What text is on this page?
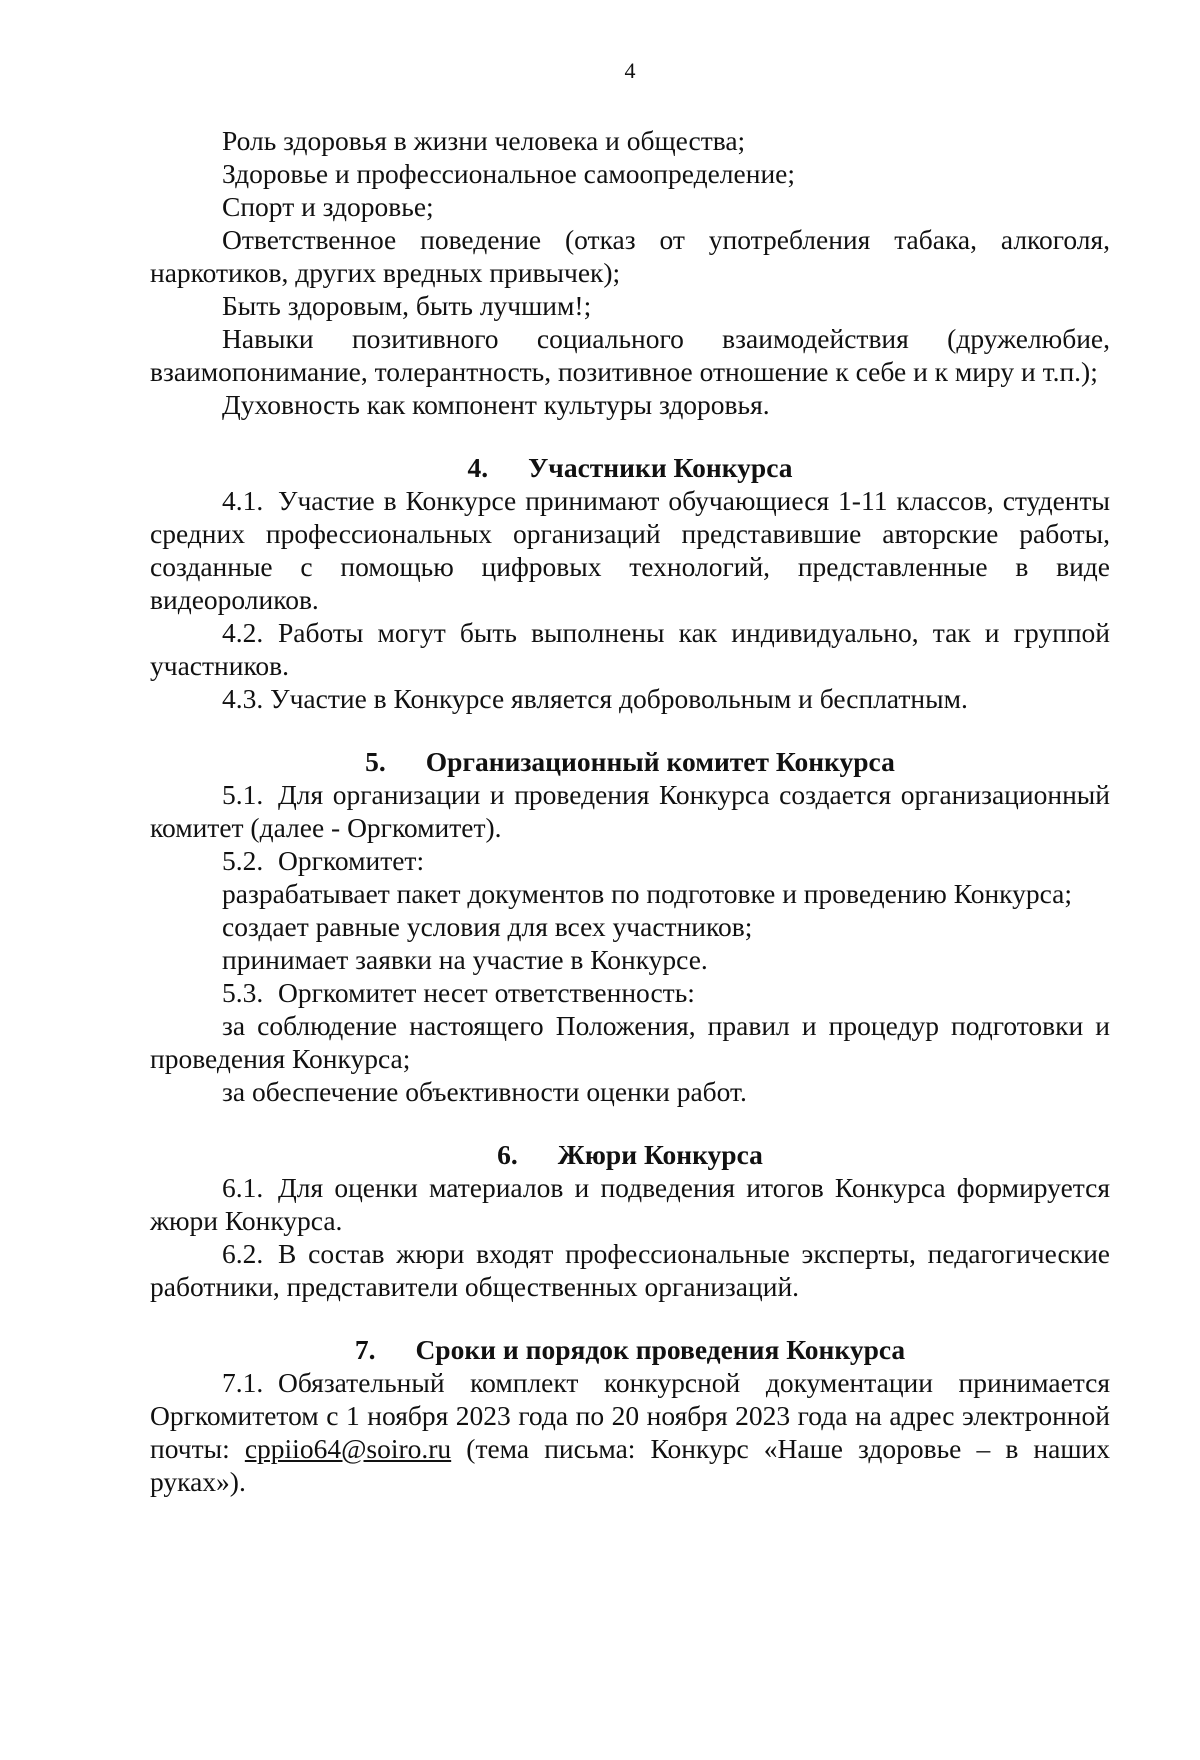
4

Роль здоровья в жизни человека и общества;

Здоровье и профессиональное самоопределение;

Спорт и здоровье;

Ответственное поведение (отказ от употребления табака, алкоголя, наркотиков, других вредных привычек);

Быть здоровым, быть лучшим!;

Навыки позитивного социального взаимодействия (дружелюбие, взаимопонимание, толерантность, позитивное отношение к себе и к миру и т.п.);

Духовность как компонент культуры здоровья.

4. Участники Конкурса

4.1. Участие в Конкурсе принимают обучающиеся 1-11 классов, студенты средних профессиональных организаций представившие авторские работы, созданные с помощью цифровых технологий, представленные в виде видеороликов.

4.2. Работы могут быть выполнены как индивидуально, так и группой участников.

4.3. Участие в Конкурсе является добровольным и бесплатным.

5. Организационный комитет Конкурса

5.1. Для организации и проведения Конкурса создается организационный комитет (далее - Оргкомитет).

5.2. Оргкомитет:

разрабатывает пакет документов по подготовке и проведению Конкурса;

создает равные условия для всех участников;

принимает заявки на участие в Конкурсе.

5.3. Оргкомитет несет ответственность:

за соблюдение настоящего Положения, правил и процедур подготовки и проведения Конкурса;

за обеспечение объективности оценки работ.

6. Жюри Конкурса

6.1. Для оценки материалов и подведения итогов Конкурса формируется жюри Конкурса.

6.2. В состав жюри входят профессиональные эксперты, педагогические работники, представители общественных организаций.

7. Сроки и порядок проведения Конкурса

7.1. Обязательный комплект конкурсной документации принимается Оргкомитетом с 1 ноября 2023 года по 20 ноября 2023 года на адрес электронной почты: cppiio64@soiro.ru (тема письма: Конкурс «Наше здоровье – в наших руках»).
